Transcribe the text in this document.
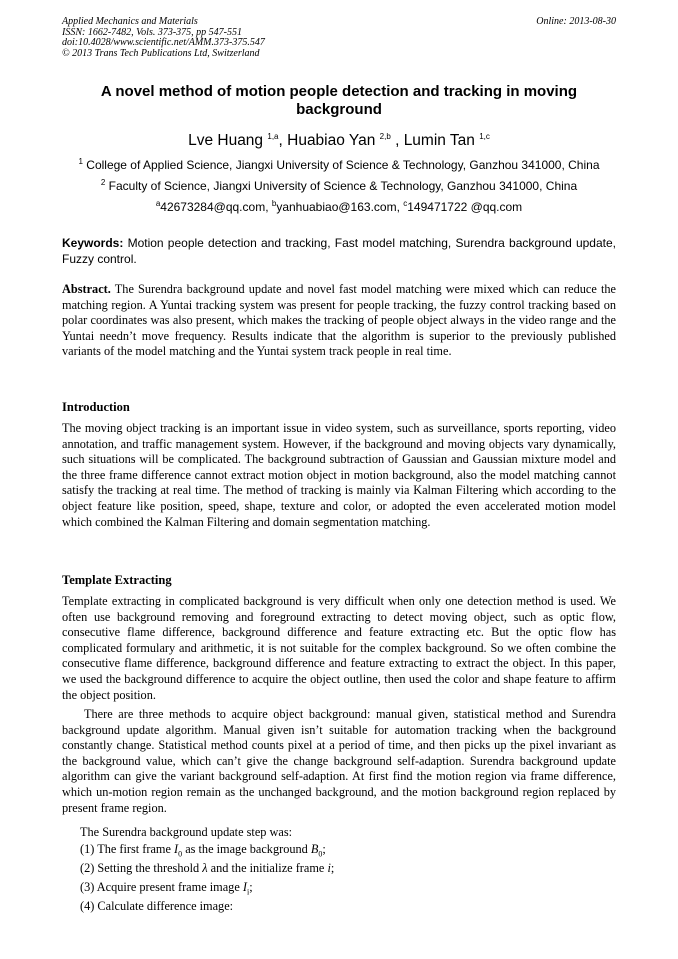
Applied Mechanics and Materials
ISSN: 1662-7482, Vols. 373-375, pp 547-551
doi:10.4028/www.scientific.net/AMM.373-375.547
© 2013 Trans Tech Publications Ltd, Switzerland
Online: 2013-08-30
A novel method of motion people detection and tracking in moving background
Lve Huang $^{1,a}$, Huabiao Yan $^{2,b}$ , Lumin Tan $^{1,c}$
$^1$ College of Applied Science, Jiangxi University of Science & Technology, Ganzhou 341000, China
$^2$ Faculty of Science, Jiangxi University of Science & Technology, Ganzhou 341000, China
$^a$42673284@qq.com, $^b$yanhuabiao@163.com, $^c$149471722 @qq.com
Keywords: Motion people detection and tracking, Fast model matching, Surendra background update, Fuzzy control.
Abstract. The Surendra background update and novel fast model matching were mixed which can reduce the matching region. A Yuntai tracking system was present for people tracking, the fuzzy control tracking based on polar coordinates was also present, which makes the tracking of people object always in the video range and the Yuntai needn’t move frequency. Results indicate that the algorithm is superior to the previously published variants of the model matching and the Yuntai system track people in real time.
Introduction
The moving object tracking is an important issue in video system, such as surveillance, sports reporting, video annotation, and traffic management system. However, if the background and moving objects vary dynamically, such situations will be complicated. The background subtraction of Gaussian and Gaussian mixture model and the three frame difference cannot extract motion object in motion background, also the model matching cannot satisfy the tracking at real time. The method of tracking is mainly via Kalman Filtering which according to the object feature like position, speed, shape, texture and color, or adopted the even accelerated motion model which combined the Kalman Filtering and domain segmentation matching.
Template Extracting
Template extracting in complicated background is very difficult when only one detection method is used. We often use background removing and foreground extracting to detect moving object, such as optic flow, consecutive flame difference, background difference and feature extracting etc. But the optic flow has complicated formulary and arithmetic, it is not suitable for the complex background. So we often combine the consecutive flame difference, background difference and feature extracting to extract the object. In this paper, we used the background difference to acquire the object outline, then used the color and shape feature to affirm the object position.
There are three methods to acquire object background: manual given, statistical method and Surendra background update algorithm. Manual given isn’t suitable for automation tracking when the background constantly change. Statistical method counts pixel at a period of time, and then picks up the pixel invariant as the background value, which can’t give the change background self-adaption. Surendra background update algorithm can give the variant background self-adaption. At first find the motion region via frame difference, which un-motion region remain as the unchanged background, and the motion background region replaced by present frame region.
The Surendra background update step was:
(1) The first frame $I_0$ as the image background $B_0$;
(2) Setting the threshold λ and the initialize frame i;
(3) Acquire present frame image $I_i$;
(4) Calculate difference image:
